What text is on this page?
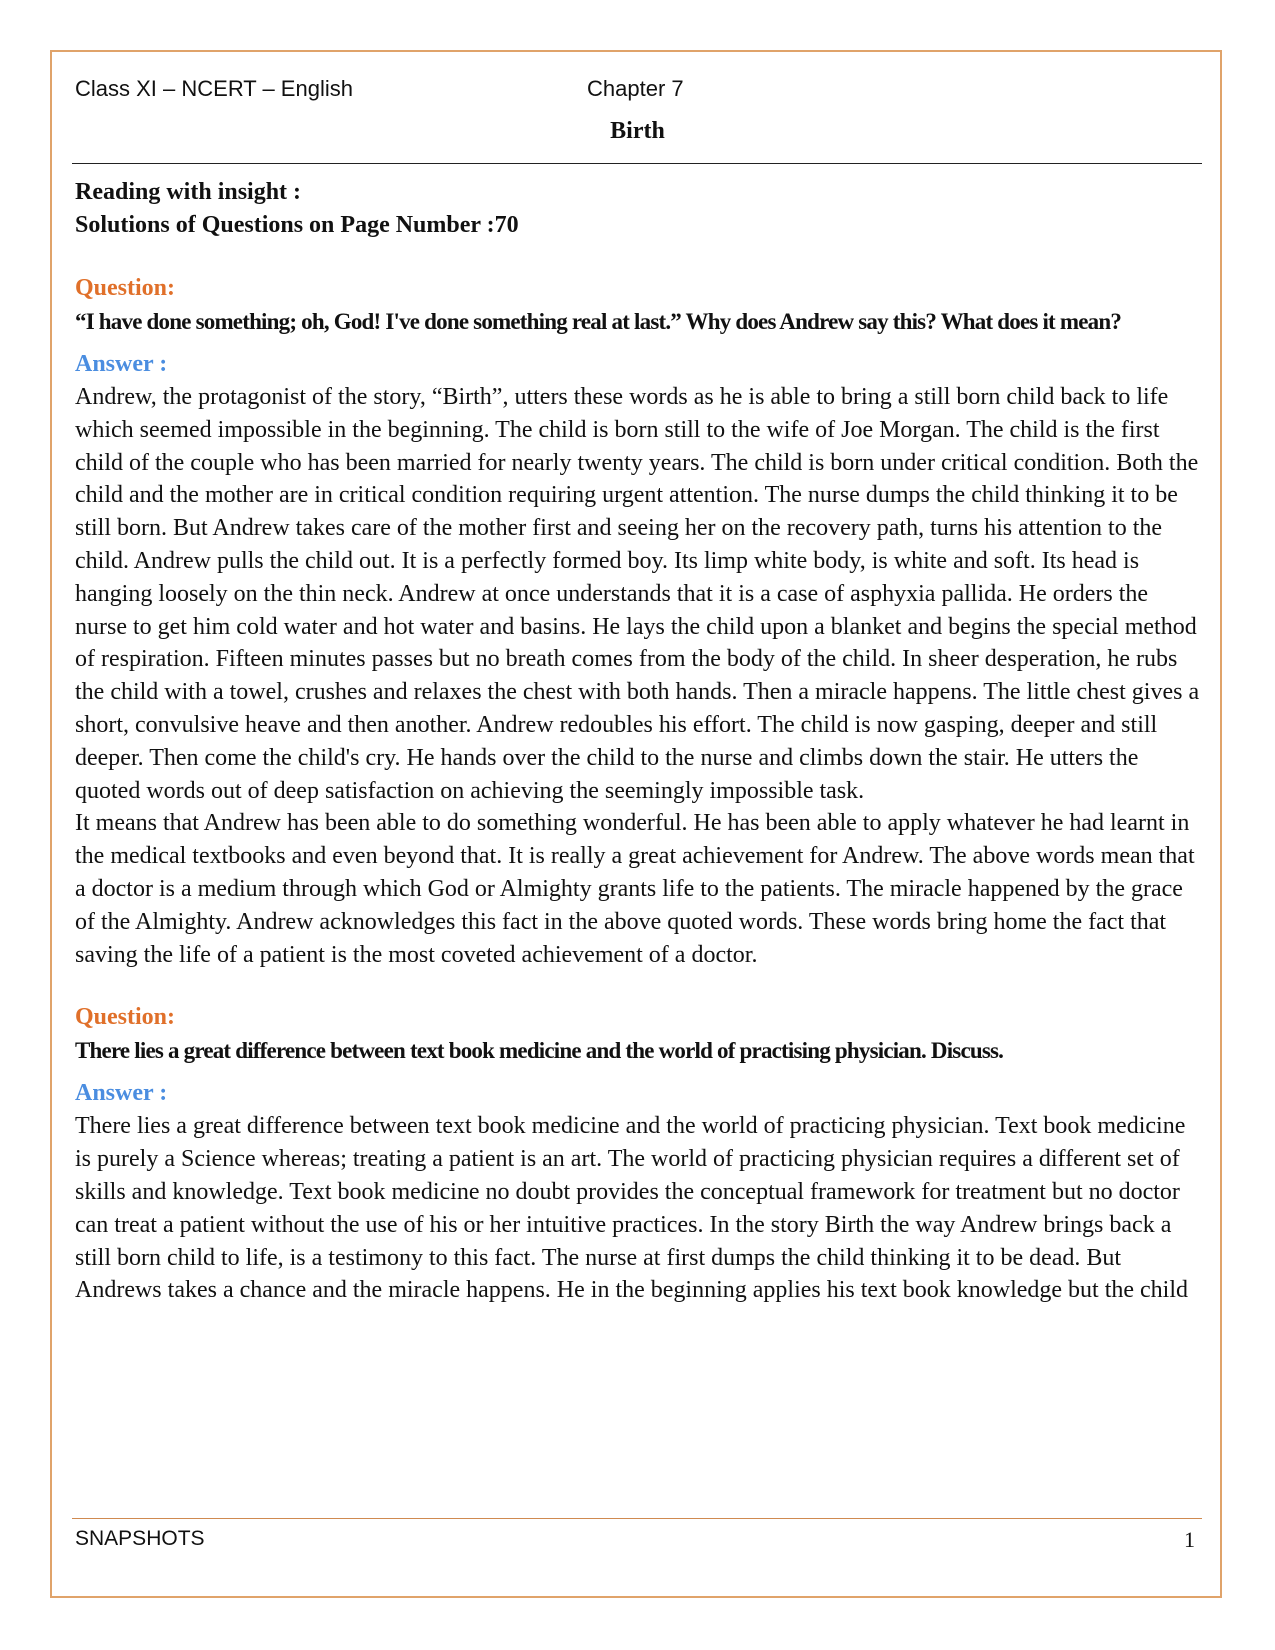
Class XI – NCERT – English	Chapter 7
Birth

Reading with insight :

Solutions of Questions on Page Number :70

Question:

“I have done something; oh, God! I've done something real at last.” Why does Andrew say this? What does it mean?

Answer :

Andrew, the protagonist of the story, “Birth”, utters these words as he is able to bring a still born child back to life which seemed impossible in the beginning. The child is born still to the wife of Joe Morgan. The child is the first child of the couple who has been married for nearly twenty years. The child is born under critical condition. Both the child and the mother are in critical condition requiring urgent attention. The nurse dumps the child thinking it to be still born. But Andrew takes care of the mother first and seeing her on the recovery path, turns his attention to the child. Andrew pulls the child out. It is a perfectly formed boy. Its limp white body, is white and soft. Its head is hanging loosely on the thin neck. Andrew at once understands that it is a case of asphyxia pallida. He orders the nurse to get him cold water and hot water and basins. He lays the child upon a blanket and begins the special method of respiration. Fifteen minutes passes but no breath comes from the body of the child. In sheer desperation, he rubs the child with a towel, crushes and relaxes the chest with both hands. Then a miracle happens. The little chest gives a short, convulsive heave and then another. Andrew redoubles his effort. The child is now gasping, deeper and still deeper. Then come the child's cry. He hands over the child to the nurse and climbs down the stair. He utters the quoted words out of deep satisfaction on achieving the seemingly impossible task.

It means that Andrew has been able to do something wonderful. He has been able to apply whatever he had learnt in the medical textbooks and even beyond that. It is really a great achievement for Andrew. The above words mean that a doctor is a medium through which God or Almighty grants life to the patients. The miracle happened by the grace of the Almighty. Andrew acknowledges this fact in the above quoted words. These words bring home the fact that saving the life of a patient is the most coveted achievement of a doctor.

Question:

There lies a great difference between text book medicine and the world of practising physician. Discuss.

Answer :

There lies a great difference between text book medicine and the world of practicing physician. Text book medicine is purely a Science whereas; treating a patient is an art. The world of practicing physician requires a different set of skills and knowledge. Text book medicine no doubt provides the conceptual framework for treatment but no doctor can treat a patient without the use of his or her intuitive practices. In the story Birth the way Andrew brings back a still born child to life, is a testimony to this fact. The nurse at first dumps the child thinking it to be dead. But Andrews takes a chance and the miracle happens. He in the beginning applies his text book knowledge but the child

SNAPSHOTS	1
